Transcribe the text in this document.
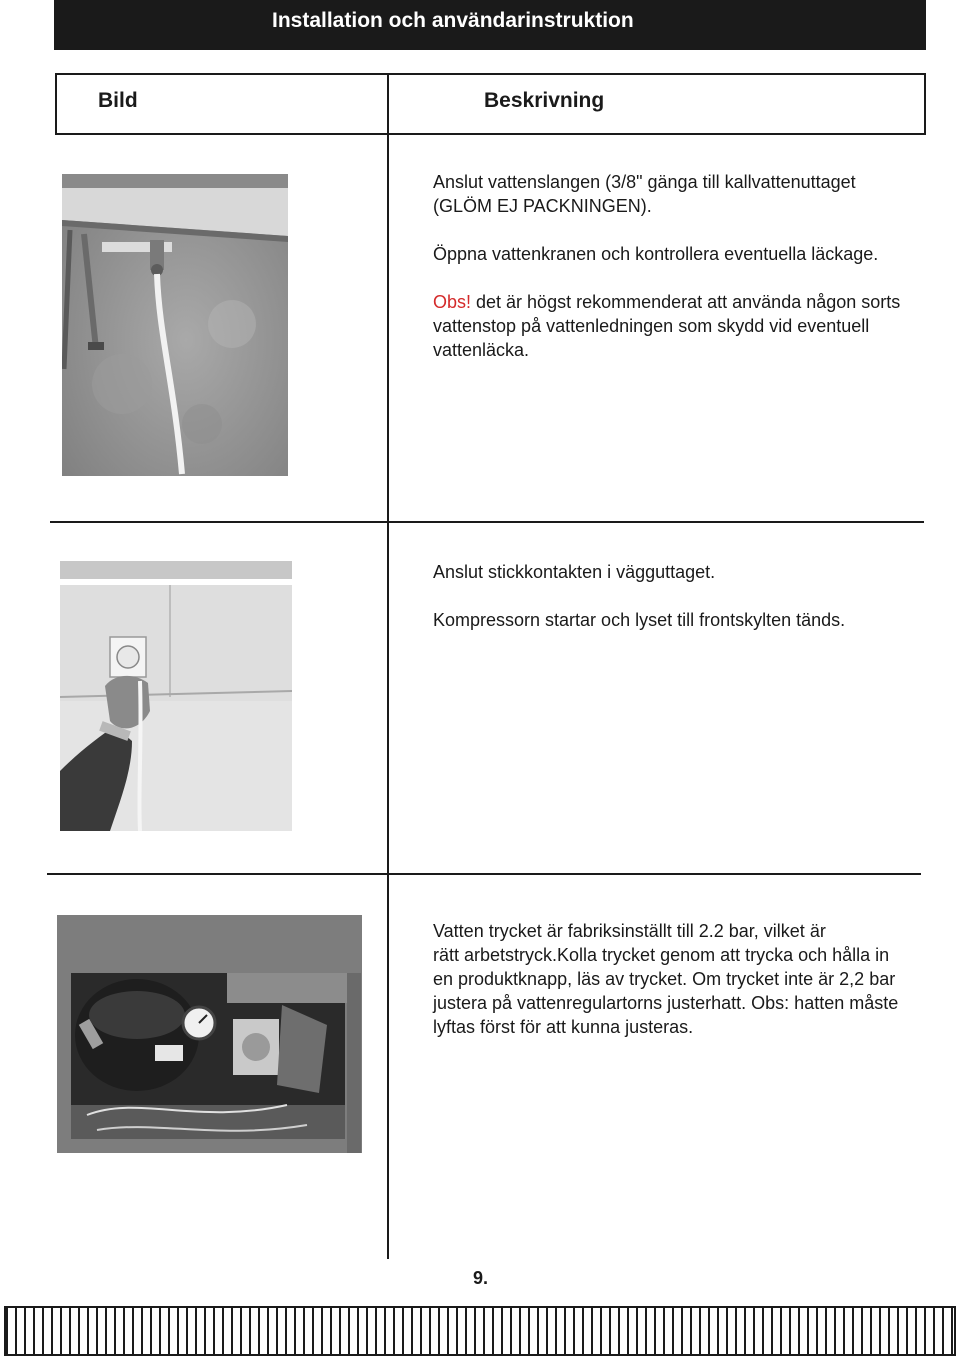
Installation och användarinstruktion
Bild	Beskrivning

Anslut vattenslangen (3/8" gänga till kallvattenuttaget

(GLÖM EJ PACKNINGEN).

Öppna vattenkranen och kontrollera eventuella läckage.

Obs! det är högst rekommenderat att använda någon sorts vattenstop på vattenledningen som skydd vid eventuell vattenläcka.

Anslut stickkontakten i vägguttaget.

Kompressorn startar och lyset till frontskylten tänds.

Vatten trycket är fabriksinställt till 2.2 bar, vilket är

rätt arbetstryck.Kolla trycket genom att trycka och hålla in

en produktknapp, läs av trycket. Om trycket inte är 2,2 bar

justera på vattenregulartorns justerhatt. Obs: hatten måste

lyftas först för att kunna justeras.

9.
